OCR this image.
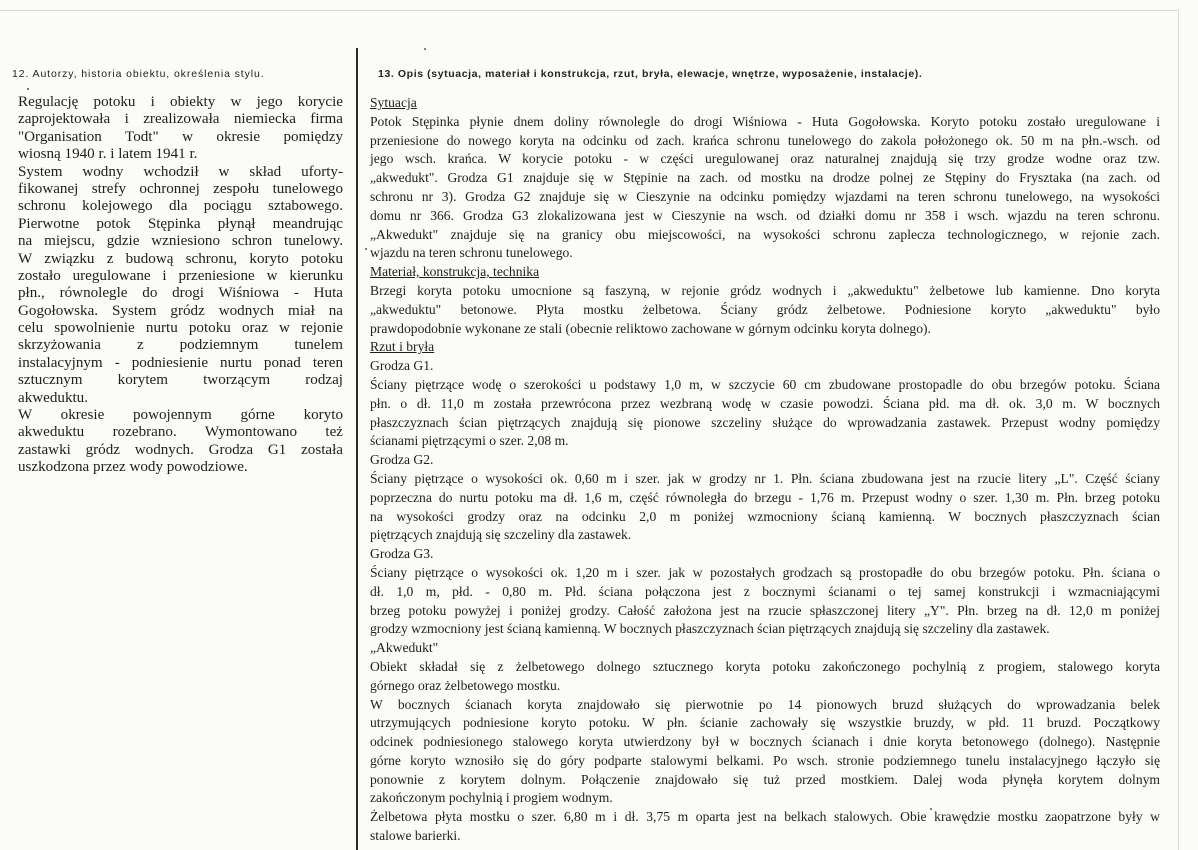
12. Autorzy, historia obiektu, określenia stylu.	13. Opis (sytuacja, materiał i konstrukcja, rzut, bryła, elewacje, wnętrze, wyposażenie, instalacje).
Regulację potoku i obiekty w jego korycie
zaprojektowała i zrealizowała niemiecka firma
"Organisation Todt" w okresie pomiędzy
wiosną 1940 r. i latem 1941 r.
System wodny wchodził w skład uforty-
fikowanej strefy ochronnej zespołu tunelowego
schronu kolejowego dla pociągu sztabowego.
Pierwotne potok Stępinka płynął meandrując
na miejscu, gdzie wzniesiono schron tunelowy.
W związku z budową schronu, koryto potoku
zostało uregulowane i przeniesione w kierunku
płn., równolegle do drogi Wiśniowa - Huta
Gogołowska. System gródz wodnych miał na
celu spowolnienie nurtu potoku oraz w rejonie
skrzyżowania z podziemnym tunelem
instalacyjnym - podniesienie nurtu ponad teren
sztucznym korytem tworzącym rodzaj
akweduktu.
W okresie powojennym górne koryto
akweduktu rozebrano. Wymontowano też
zastawki gródz wodnych. Grodza G1 została
uszkodzona przez wody powodziowe.
Sytuacja
Potok Stępinka płynie dnem doliny równolegle do drogi Wiśniowa - Huta Gogołowska. Koryto potoku zostało uregulowane i
przeniesione do nowego koryta na odcinku od zach. krańca schronu tunelowego do zakola położonego ok. 50 m na płn.-wsch. od
jego wsch. krańca. W korycie potoku - w części uregulowanej oraz naturalnej znajdują się trzy grodze wodne oraz tzw.
„akwedukt". Grodza G1 znajduje się w Stępinie na zach. od mostku na drodze polnej ze Stępiny do Frysztaka (na zach. od
schronu nr 3). Grodza G2 znajduje się w Cieszynie na odcinku pomiędzy wjazdami na teren schronu tunelowego, na wysokości
domu nr 366. Grodza G3 zlokalizowana jest w Cieszynie na wsch. od działki domu nr 358 i wsch. wjazdu na teren schronu.
„Akwedukt" znajduje się na granicy obu miejscowości, na wysokości schronu zaplecza technologicznego, w rejonie zach.
wjazdu na teren schronu tunelowego.
Materiał, konstrukcja, technika
Brzegi koryta potoku umocnione są faszyną, w rejonie gródz wodnych i „akweduktu" żelbetowe lub kamienne. Dno koryta
„akweduktu" betonowe. Płyta mostku żelbetowa. Ściany gródz żelbetowe. Podniesione koryto „akweduktu" było
prawdopodobnie wykonane ze stali (obecnie reliktowo zachowane w górnym odcinku koryta dolnego).
Rzut i bryła
Grodza G1.
Ściany piętrzące wodę o szerokości u podstawy 1,0 m, w szczycie 60 cm zbudowane prostopadle do obu brzegów potoku. Ściana
płn. o dł. 11,0 m została przewrócona przez wezbraną wodę w czasie powodzi. Ściana płd. ma dł. ok. 3,0 m. W bocznych
płaszczyznach ścian piętrzących znajdują się pionowe szczeliny służące do wprowadzania zastawek. Przepust wodny pomiędzy
ścianami piętrzącymi o szer. 2,08 m.
Grodza G2.
Ściany piętrzące o wysokości ok. 0,60 m i szer. jak w grodzy nr 1. Płn. ściana zbudowana jest na rzucie litery „L". Część ściany
poprzeczna do nurtu potoku ma dł. 1,6 m, część równoległa do brzegu - 1,76 m. Przepust wodny o szer. 1,30 m. Płn. brzeg potoku
na wysokości grodzy oraz na odcinku 2,0 m poniżej wzmocniony ścianą kamienną. W bocznych płaszczyznach ścian
piętrzących znajdują się szczeliny dla zastawek.
Grodza G3.
Ściany piętrzące o wysokości ok. 1,20 m i szer. jak w pozostałych grodzach są prostopadłe do obu brzegów potoku. Płn. ściana o
dł. 1,0 m, płd. - 0,80 m. Płd. ściana połączona jest z bocznymi ścianami o tej samej konstrukcji i wzmacniającymi
brzeg potoku powyżej i poniżej grodzy. Całość założona jest na rzucie spłaszczonej litery „Y". Płn. brzeg na dł. 12,0 m poniżej
grodzy wzmocniony jest ścianą kamienną. W bocznych płaszczyznach ścian piętrzących znajdują się szczeliny dla zastawek.
„Akwedukt"
Obiekt składał się z żelbetowego dolnego sztucznego koryta potoku zakończonego pochylnią z progiem, stalowego koryta
górnego oraz żelbetowego mostku.
W bocznych ścianach koryta znajdowało się pierwotnie po 14 pionowych bruzd służących do wprowadzania belek
utrzymujących podniesione koryto potoku. W płn. ścianie zachowały się wszystkie bruzdy, w płd. 11 bruzd. Początkowy
odcinek podniesionego stalowego koryta utwierdzony był w bocznych ścianach i dnie koryta betonowego (dolnego). Następnie
górne koryto wznosiło się do góry podparte stalowymi belkami. Po wsch. stronie podziemnego tunelu instalacyjnego łączyło się
ponownie z korytem dolnym. Połączenie znajdowało się tuż przed mostkiem. Dalej woda płynęła korytem dolnym
zakończonym pochylnią i progiem wodnym.
Żelbetowa płyta mostku o szer. 6,80 m i dł. 3,75 m oparta jest na belkach stalowych. Obie krawędzie mostku zaopatrzone były w
stalowe barierki.
